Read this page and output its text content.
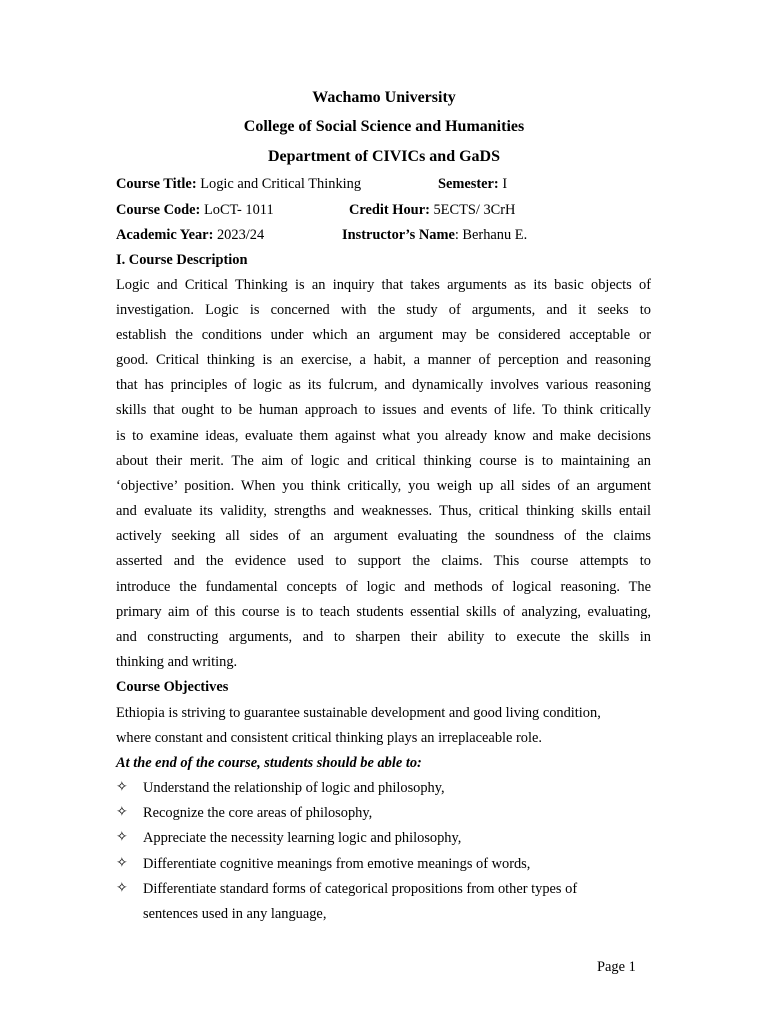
Wachamo University
College of Social Science and Humanities
Department of CIVICs and GaDS
Course Title: Logic and Critical Thinking	Semester: I
Course Code: LoCT- 1011	Credit Hour: 5ECTS/ 3CrH
Academic Year: 2023/24	Instructor’s Name: Berhanu E.
I. Course Description
Logic and Critical Thinking is an inquiry that takes arguments as its basic objects of
investigation. Logic is concerned with the study of arguments, and it seeks to
establish the conditions under which an argument may be considered acceptable or
good. Critical thinking is an exercise, a habit, a manner of perception and reasoning
that has principles of logic as its fulcrum, and dynamically involves various reasoning
skills that ought to be human approach to issues and events of life. To think critically
is to examine ideas, evaluate them against what you already know and make decisions
about their merit. The aim of logic and critical thinking course is to maintaining an
‘objective’ position. When you think critically, you weigh up all sides of an argument
and evaluate its validity, strengths and weaknesses. Thus, critical thinking skills entail
actively seeking all sides of an argument evaluating the soundness of the claims
asserted and the evidence used to support the claims. This course attempts to
introduce the fundamental concepts of logic and methods of logical reasoning. The
primary aim of this course is to teach students essential skills of analyzing, evaluating,
and constructing arguments, and to sharpen their ability to execute the skills in
thinking and writing.
Course Objectives
Ethiopia is striving to guarantee sustainable development and good living condition,
where constant and consistent critical thinking plays an irreplaceable role.
At the end of the course, students should be able to:
✧ Understand the relationship of logic and philosophy,
✧ Recognize the core areas of philosophy,
✧ Appreciate the necessity learning logic and philosophy,
✧ Differentiate cognitive meanings from emotive meanings of words,
✧ Differentiate standard forms of categorical propositions from other types of
sentences used in any language,
Page 1
